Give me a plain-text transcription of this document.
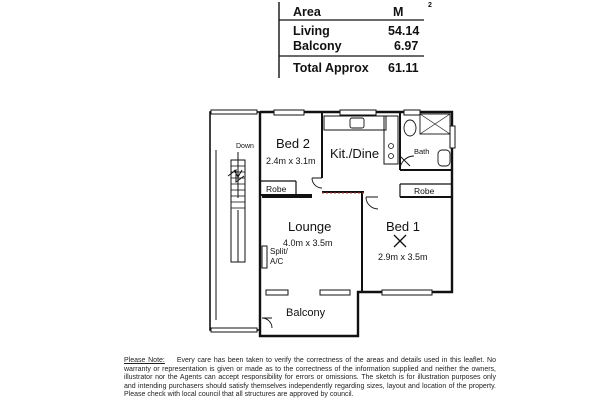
Area	M	2
Living	54.14
Balcony	6.97
Total Approx 61.11
Down Bed 2
2.4m x 3.1m Kit./Dine	Bath
Robe	Robe
Lounge
4.0m x 3.5m
Split/
A/C
Bed 1
2.9m x 3.5m
Balcony
Please Note: Every care has been taken to verify the correctness of the areas and details used in this leaflet. No warranty or representation is given or made as to the correctness of the information supplied and neither the owners, illustrator nor the Agents can accept responsibility for errors or omissions. The sketch is for illustration purposes only and intending purchasers should satisfy themselves independently regarding sizes, layout and location of the property. Please check with local council that all structures are approved by council.
